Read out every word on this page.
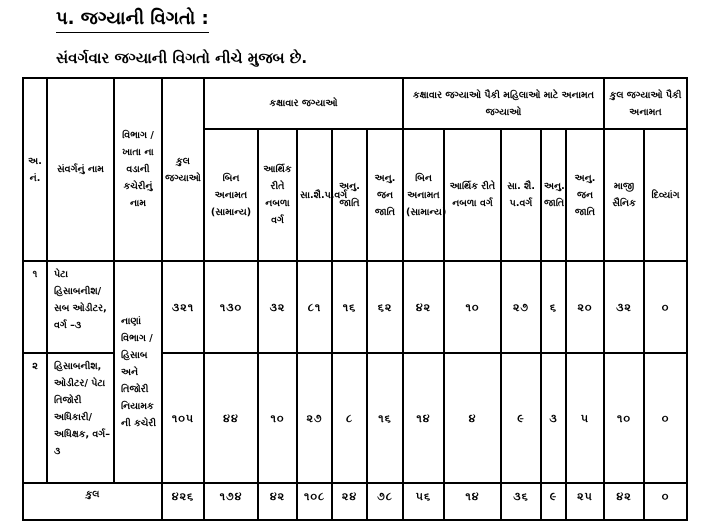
પ. જગ્યાની વિગતો :
સંવર્ગવાર જગ્યાની વિગતો નીચે મુજબ છે.
અ. નં.	સંવર્ગનું નામ	વિભાગ /ખાતા ના વડાની કચેરીનું નામ	કુલ જગ્યાઓ	કક્ષાવાર જગ્યાઓ					કક્ષાવાર જગ્યાઓ પૈકી મહિલાઓ માટે અનામત જગ્યાઓ					કુલ જગ્યાઓ પૈકી અનામત	
				બિન અનામત (સામાન્ય)	આર્થિક રીતે નબળા વર્ગ	સા.શૈ.પ.વર્ગ	અનુ. જાતિ	અનુ. જન જાતિ	બિન અનામત (સામાન્ય)	આર્થિક રીતે નબળા વર્ગ	સા. શૈ. પ.વર્ગ	અનુ. જાતિ	અનુ. જન જાતિ	માજી સૈનિક	દિવ્યાંગ
૧	પેટા હિસાબનીશ/ સબ ઓડીટર, વર્ગ –૩	નાણાં વિભાગ / હિસાબ અને તિજોરી નિયામક ની કચેરી	૩૨૧	૧૩૦	૩૨	૮૧	૧૬	૬૨	૪૨	૧૦	૨૭	૬	૨૦	૩૨	૦
૨	હિસાબનીશ, ઓડીટર/ પેટા તિજોરી અધિકારી/ અધિક્ષક, વર્ગ–૩		૧૦૫	૪૪	૧૦	૨૭	૮	૧૬	૧૪	૪	૯	૩	૫	૧૦	૦
કુલ			૪૨૬	૧૭૪	૪૨	૧૦૮	૨૪	૭૮	૫૬	૧૪	૩૬	૯	૨૫	૪૨	૦
